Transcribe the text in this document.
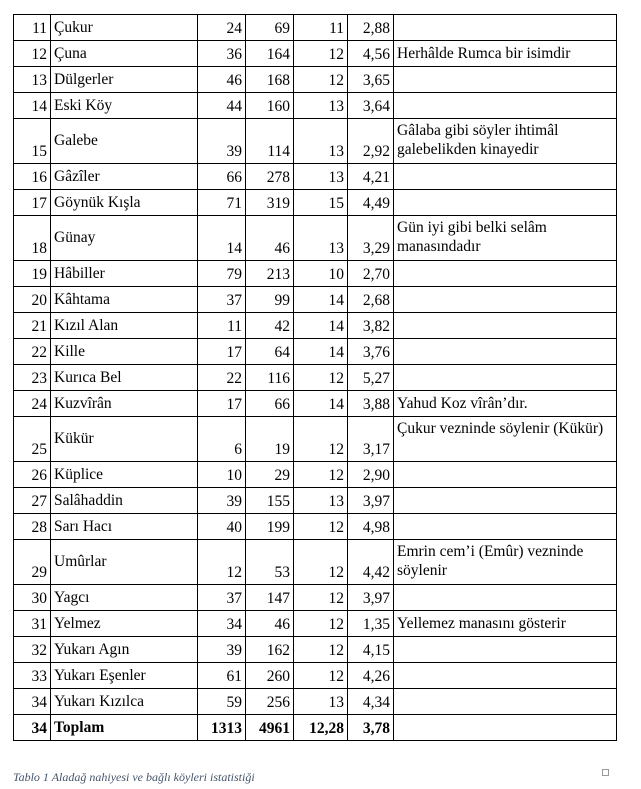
11	Çukur	24	69	11	2,88	
12	Çuna	36	164	12	4,56	Herhâlde Rumca bir isimdir
13	Dülgerler	46	168	12	3,65	
14	Eski Köy	44	160	13	3,64	
15	Galebe	39	114	13	2,92	Gâlaba gibi söyler ihtimâl galebelikden kinayedir
16	Gâzîler	66	278	13	4,21	
17	Göynük Kışla	71	319	15	4,49	
18	Günay	14	46	13	3,29	Gün iyi gibi belki selâm manasındadır
19	Hâbiller	79	213	10	2,70	
20	Kâhtama	37	99	14	2,68	
21	Kızıl Alan	11	42	14	3,82	
22	Kille	17	64	14	3,76	
23	Kurıca Bel	22	116	12	5,27	
24	Kuzvîrân	17	66	14	3,88	Yahud Koz vîrân’dır.
25	Kükür	6	19	12	3,17	Çukur vezninde söylenir (Kükür)
26	Küplice	10	29	12	2,90	
27	Salâhaddin	39	155	13	3,97	
28	Sarı Hacı	40	199	12	4,98	
29	Umûrlar	12	53	12	4,42	Emrin cem’i (Emûr) vezninde söylenir
30	Yagcı	37	147	12	3,97	
31	Yelmez	34	46	12	1,35	Yellemez manasını gösterir
32	Yukarı Agın	39	162	12	4,15	
33	Yukarı Eşenler	61	260	12	4,26	
34	Yukarı Kızılca	59	256	13	4,34	
34	Toplam	1313	4961	12,28	3,78	
Tablo 1 Aladağ nahiyesi ve bağlı köyleri istatistiği
